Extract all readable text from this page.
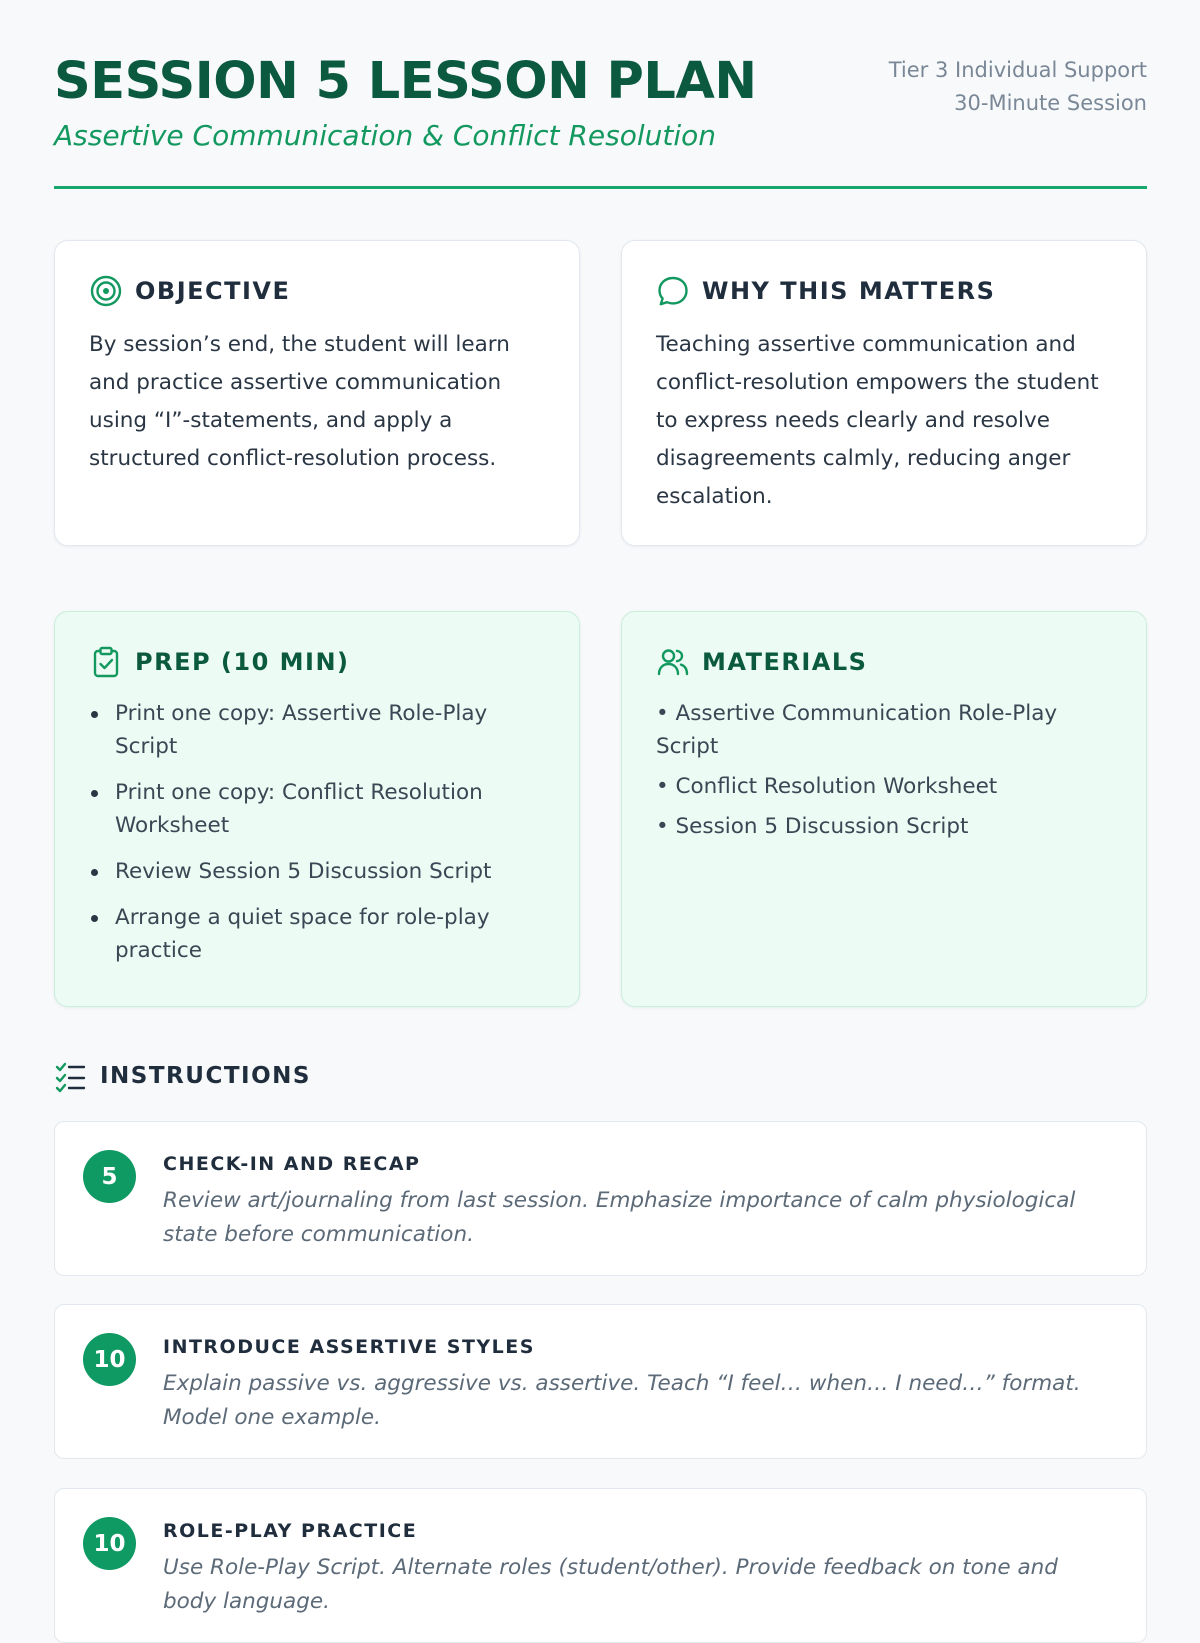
SESSION 5 LESSON PLAN
Assertive Communication & Conflict Resolution
Tier 3 Individual Support
30-Minute Session
OBJECTIVE
By session’s end, the student will learn and practice assertive communication using “I”-statements, and apply a structured conflict-resolution process.
WHY THIS MATTERS
Teaching assertive communication and conflict-resolution empowers the student to express needs clearly and resolve disagreements calmly, reducing anger escalation.
PREP (10 MIN)
Print one copy: Assertive Role-Play Script
Print one copy: Conflict Resolution Worksheet
Review Session 5 Discussion Script
Arrange a quiet space for role-play practice
MATERIALS
• Assertive Communication Role-Play Script
• Conflict Resolution Worksheet
• Session 5 Discussion Script
INSTRUCTIONS
5	CHECK-IN AND RECAP
Review art/journaling from last session. Emphasize importance of calm physiological state before communication.
10	INTRODUCE ASSERTIVE STYLES
Explain passive vs. aggressive vs. assertive. Teach “I feel… when… I need…” format. Model one example.
10	ROLE-PLAY PRACTICE
Use Role-Play Script. Alternate roles (student/other). Provide feedback on tone and body language.
